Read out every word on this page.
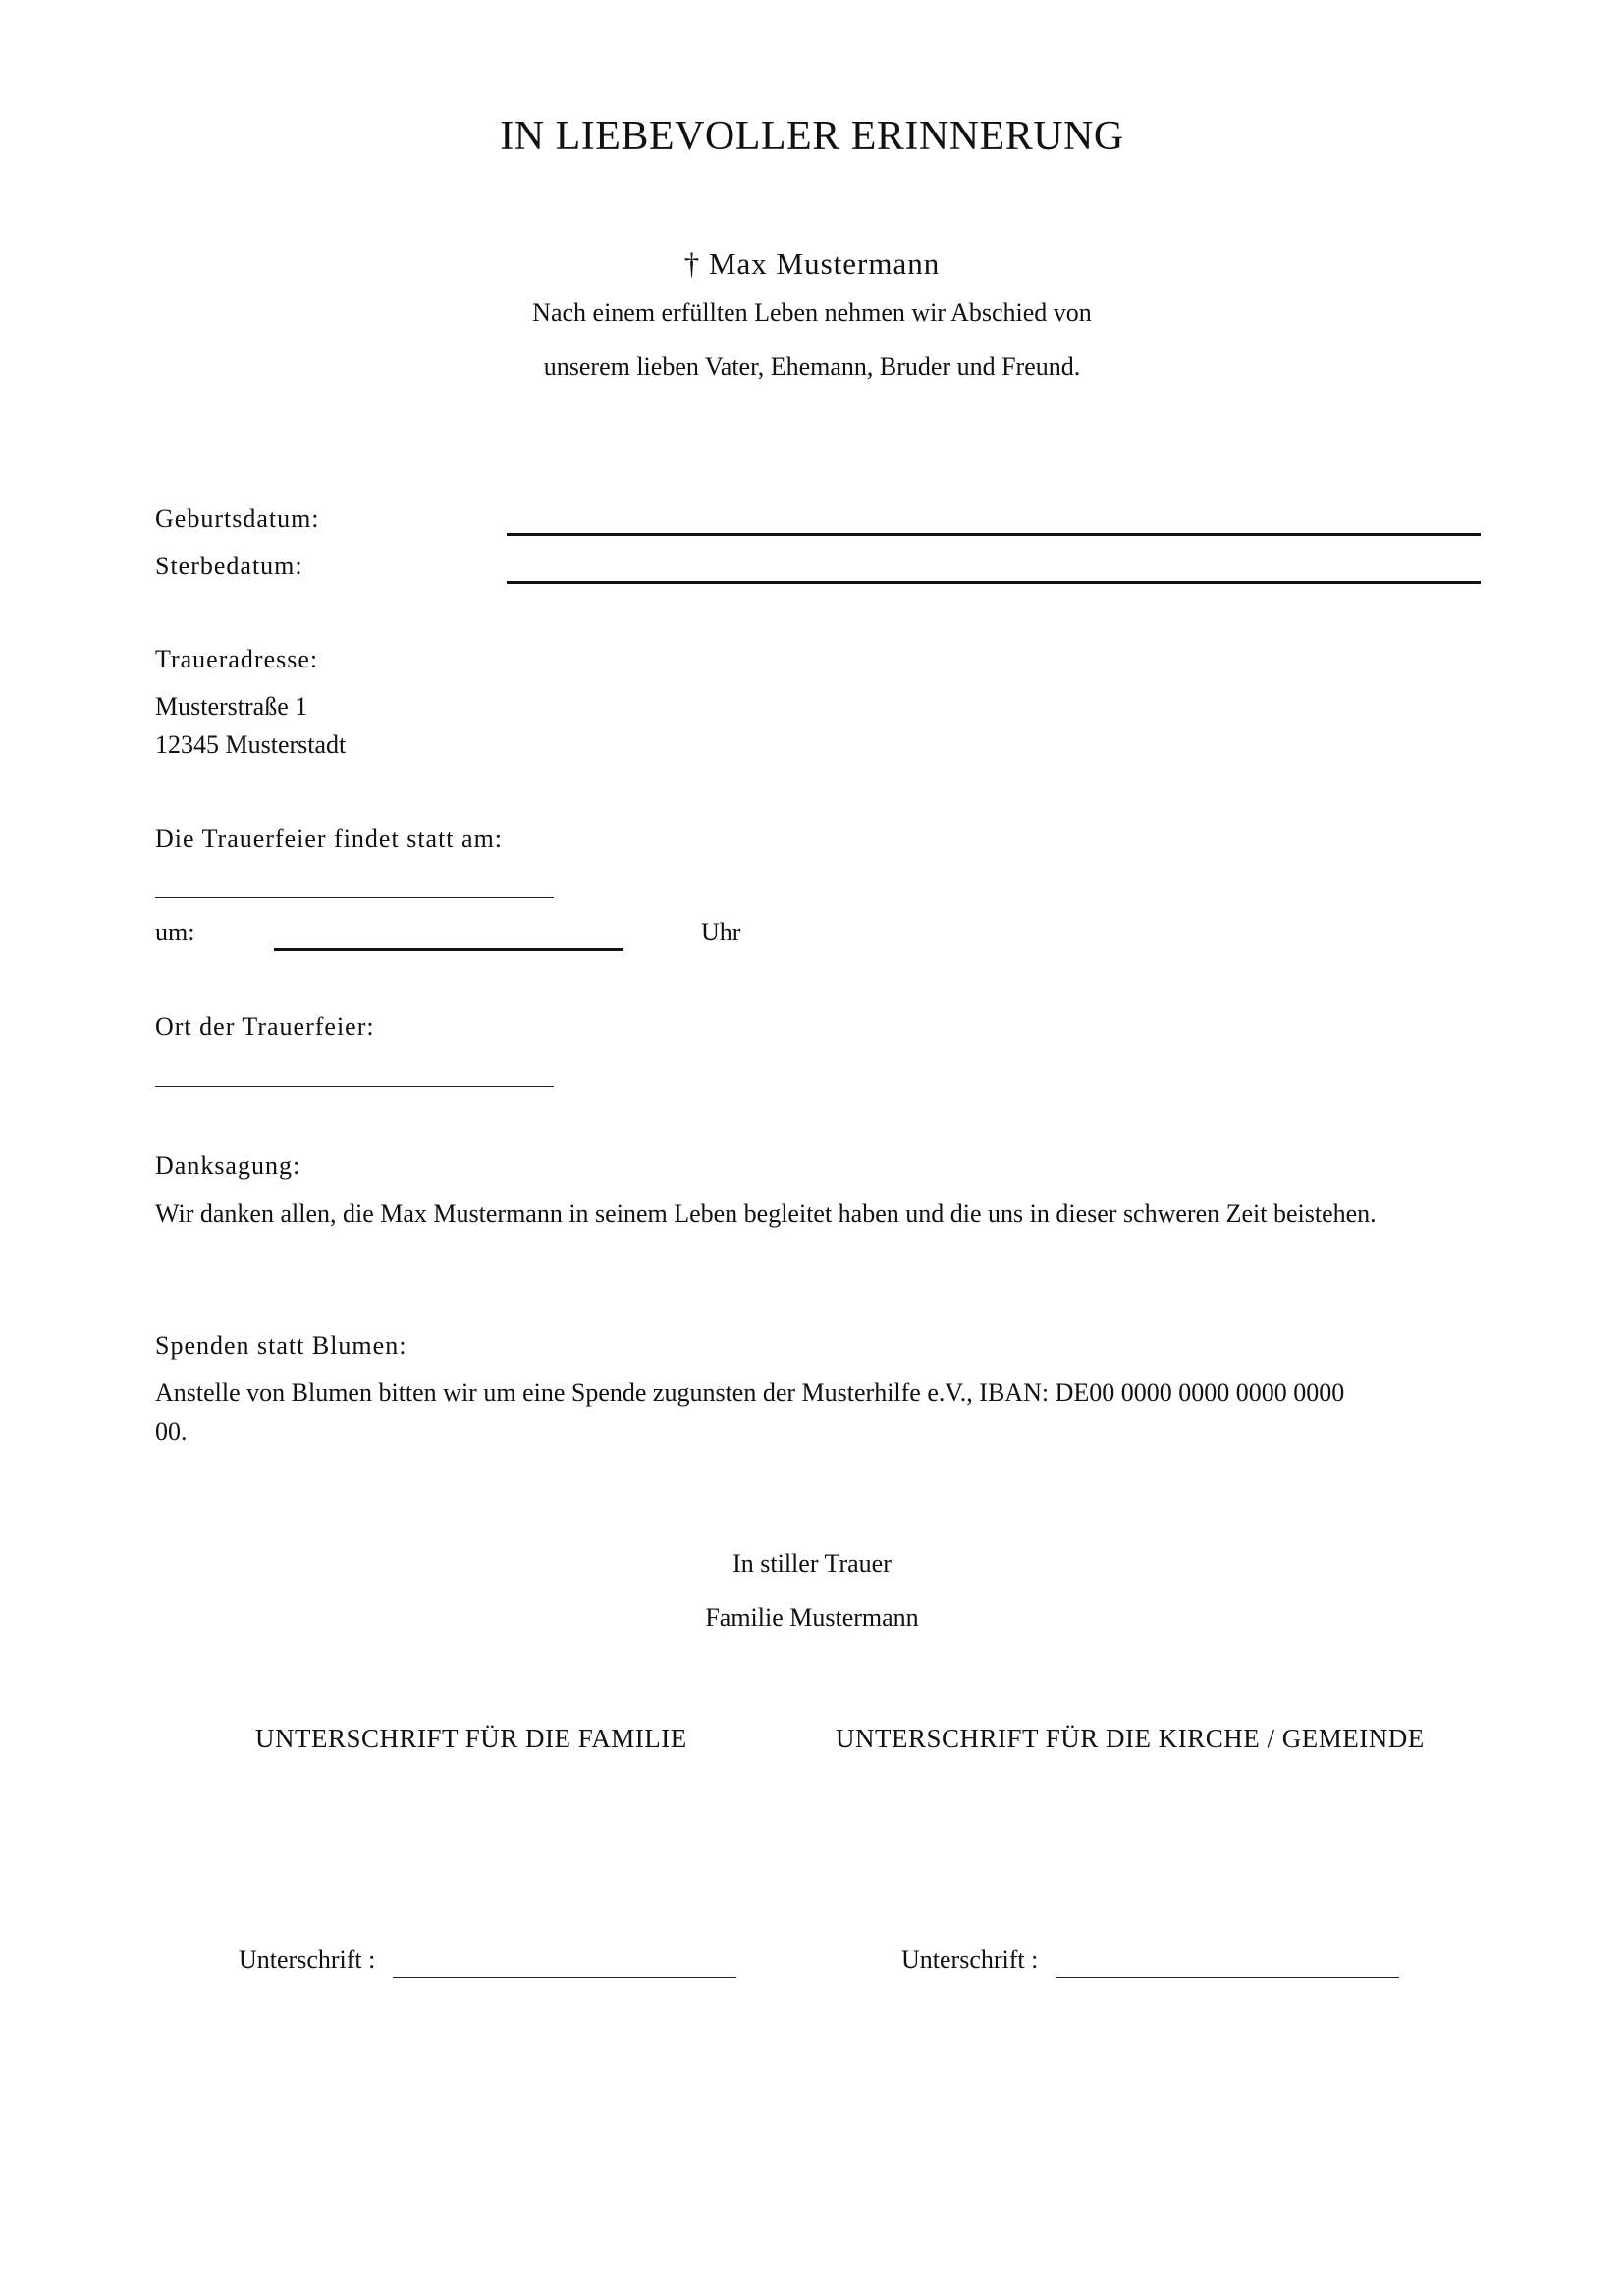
IN LIEBEVOLLER ERINNERUNG
† Max Mustermann
Nach einem erfüllten Leben nehmen wir Abschied von
unserem lieben Vater, Ehemann, Bruder und Freund.
Geburtsdatum:
Sterbedatum:
Traueradresse:
Musterstraße 1
12345 Musterstadt
Die Trauerfeier findet statt am:
um:	Uhr
Ort der Trauerfeier:
Danksagung:
Wir danken allen, die Max Mustermann in seinem Leben begleitet haben und die uns in dieser schweren Zeit beistehen.
Spenden statt Blumen:
Anstelle von Blumen bitten wir um eine Spende zugunsten der Musterhilfe e.V., IBAN: DE00 0000 0000 0000 0000
00.
In stiller Trauer
Familie Mustermann
UNTERSCHRIFT FÜR DIE FAMILIE	UNTERSCHRIFT FÜR DIE KIRCHE / GEMEINDE
Unterschrift :	Unterschrift :
